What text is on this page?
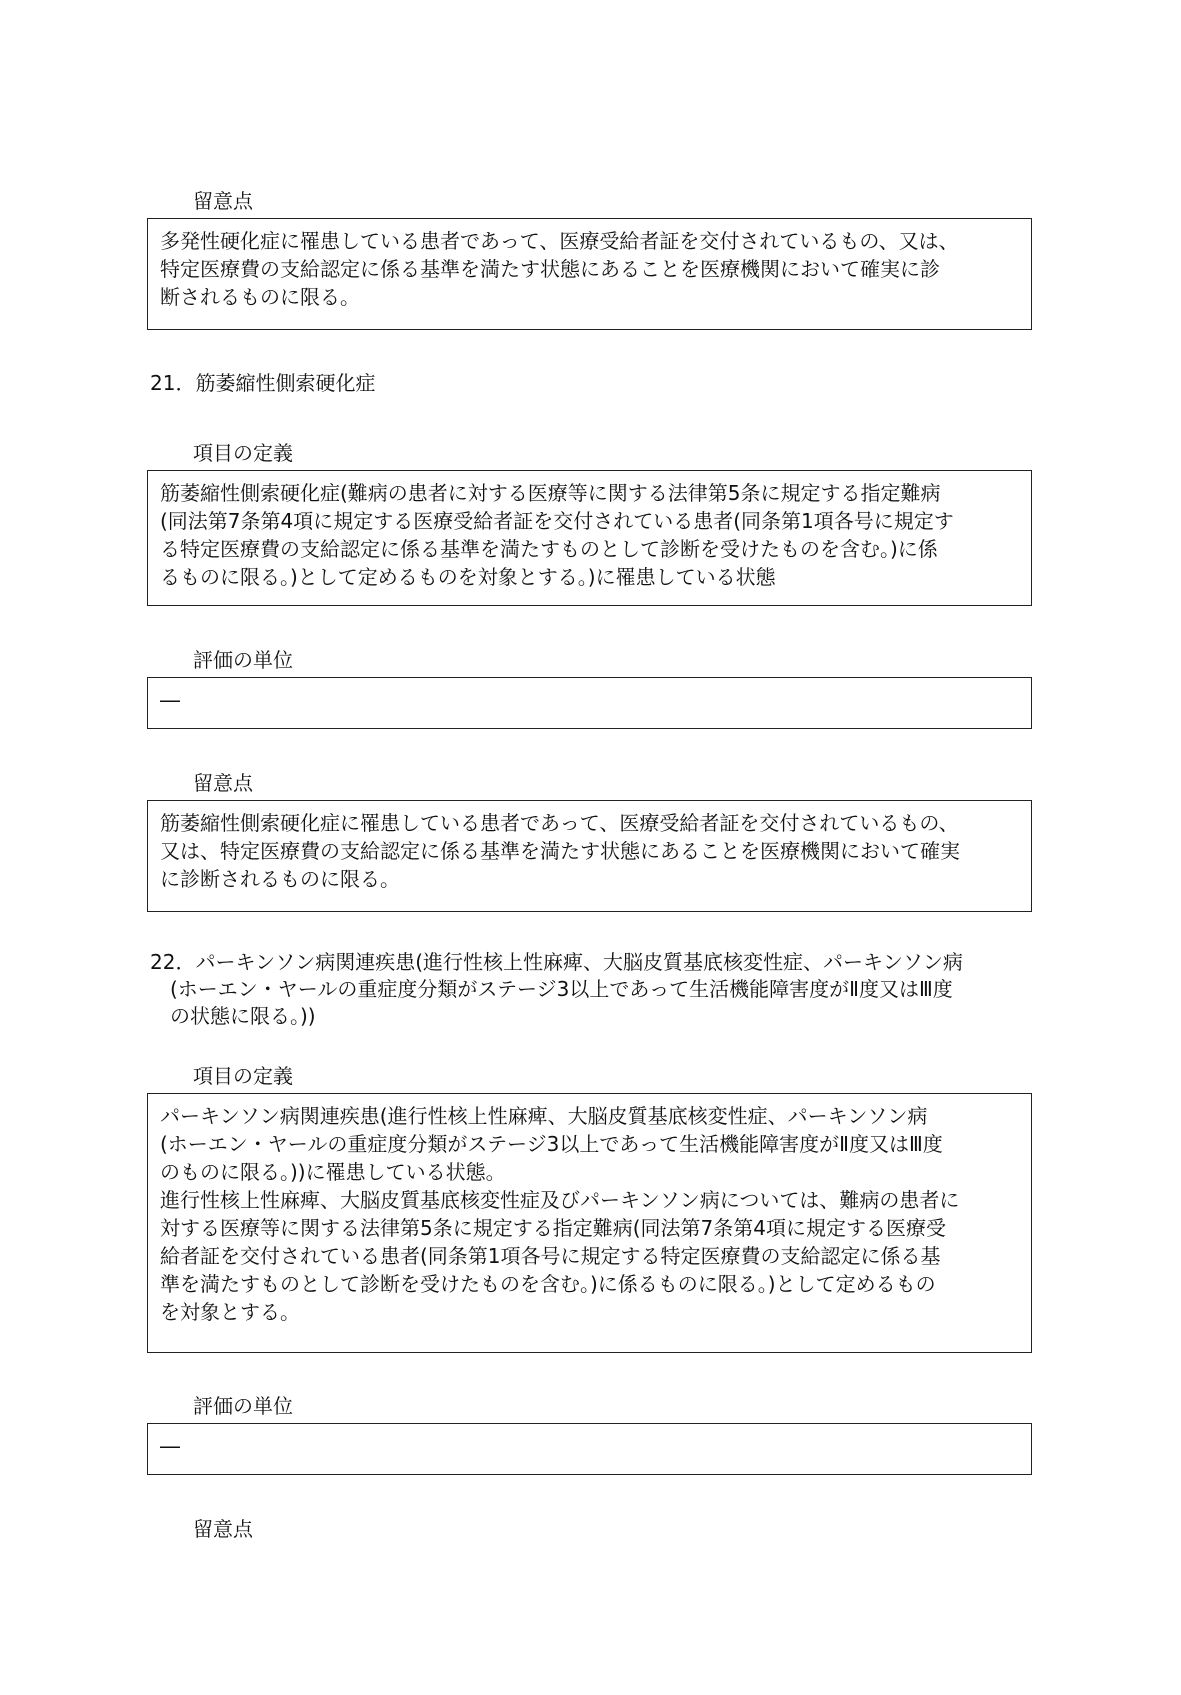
留意点

多発性硬化症に罹患している患者であって、医療受給者証を交付されているもの、又は、

特定医療費の支給認定に係る基準を満たす状態にあることを医療機関において確実に診

断されるものに限る。

21．筋萎縮性側索硬化症
項目の定義

筋萎縮性側索硬化症(難病の患者に対する医療等に関する法律第5条に規定する指定難病

(同法第7条第4項に規定する医療受給者証を交付されている患者(同条第1項各号に規定す

る特定医療費の支給認定に係る基準を満たすものとして診断を受けたものを含む。)に係

るものに限る。)として定めるものを対象とする。)に罹患している状態

評価の単位

―

留意点

筋萎縮性側索硬化症に罹患している患者であって、医療受給者証を交付されているもの、

又は、特定医療費の支給認定に係る基準を満たす状態にあることを医療機関において確実

に診断されるものに限る。

22．パーキンソン病関連疾患(進行性核上性麻痺、大脳皮質基底核変性症、パーキンソン病
(ホーエン・ヤールの重症度分類がステージ3以上であって生活機能障害度がⅡ度又はⅢ度
の状態に限る。))
項目の定義

パーキンソン病関連疾患(進行性核上性麻痺、大脳皮質基底核変性症、パーキンソン病

(ホーエン・ヤールの重症度分類がステージ3以上であって生活機能障害度がⅡ度又はⅢ度

のものに限る。))に罹患している状態。

進行性核上性麻痺、大脳皮質基底核変性症及びパーキンソン病については、難病の患者に

対する医療等に関する法律第5条に規定する指定難病(同法第7条第4項に規定する医療受

給者証を交付されている患者(同条第1項各号に規定する特定医療費の支給認定に係る基

準を満たすものとして診断を受けたものを含む。)に係るものに限る。)として定めるもの

を対象とする。

評価の単位

―

留意点
